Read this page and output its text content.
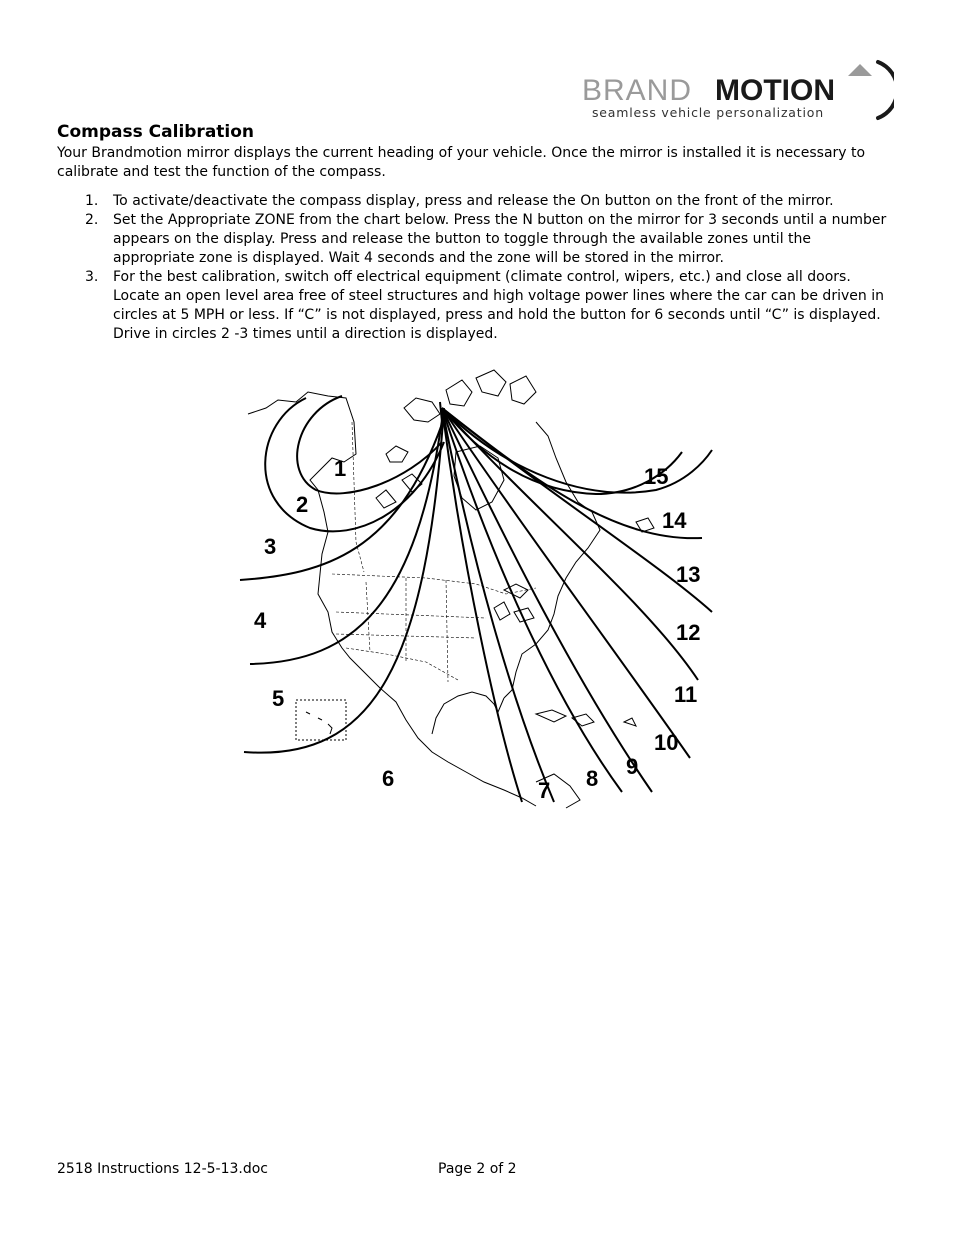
BRAND MOTION
seamless vehicle personalization
Compass Calibration
Your Brandmotion mirror displays the current heading of your vehicle. Once the mirror is installed it is necessary to calibrate and test the function of the compass.
1. To activate/deactivate the compass display, press and release the On button on the front of the mirror.
2. Set the Appropriate ZONE from the chart below. Press the N button on the mirror for 3 seconds until a number appears on the display. Press and release the button to toggle through the available zones until the appropriate zone is displayed. Wait 4 seconds and the zone will be stored in the mirror.
3. For the best calibration, switch off electrical equipment (climate control, wipers, etc.) and close all doors. Locate an open level area free of steel structures and high voltage power lines where the car can be driven in circles at 5 MPH or less. If “C” is not displayed, press and hold the button for 6 seconds until “C” is displayed. Drive in circles 2 -3 times until a direction is displayed.
1
2
3
4
5
6	7 8 9
10
11
12
13
14
15
2518 Instructions 12-5-13.doc	Page 2 of 2
